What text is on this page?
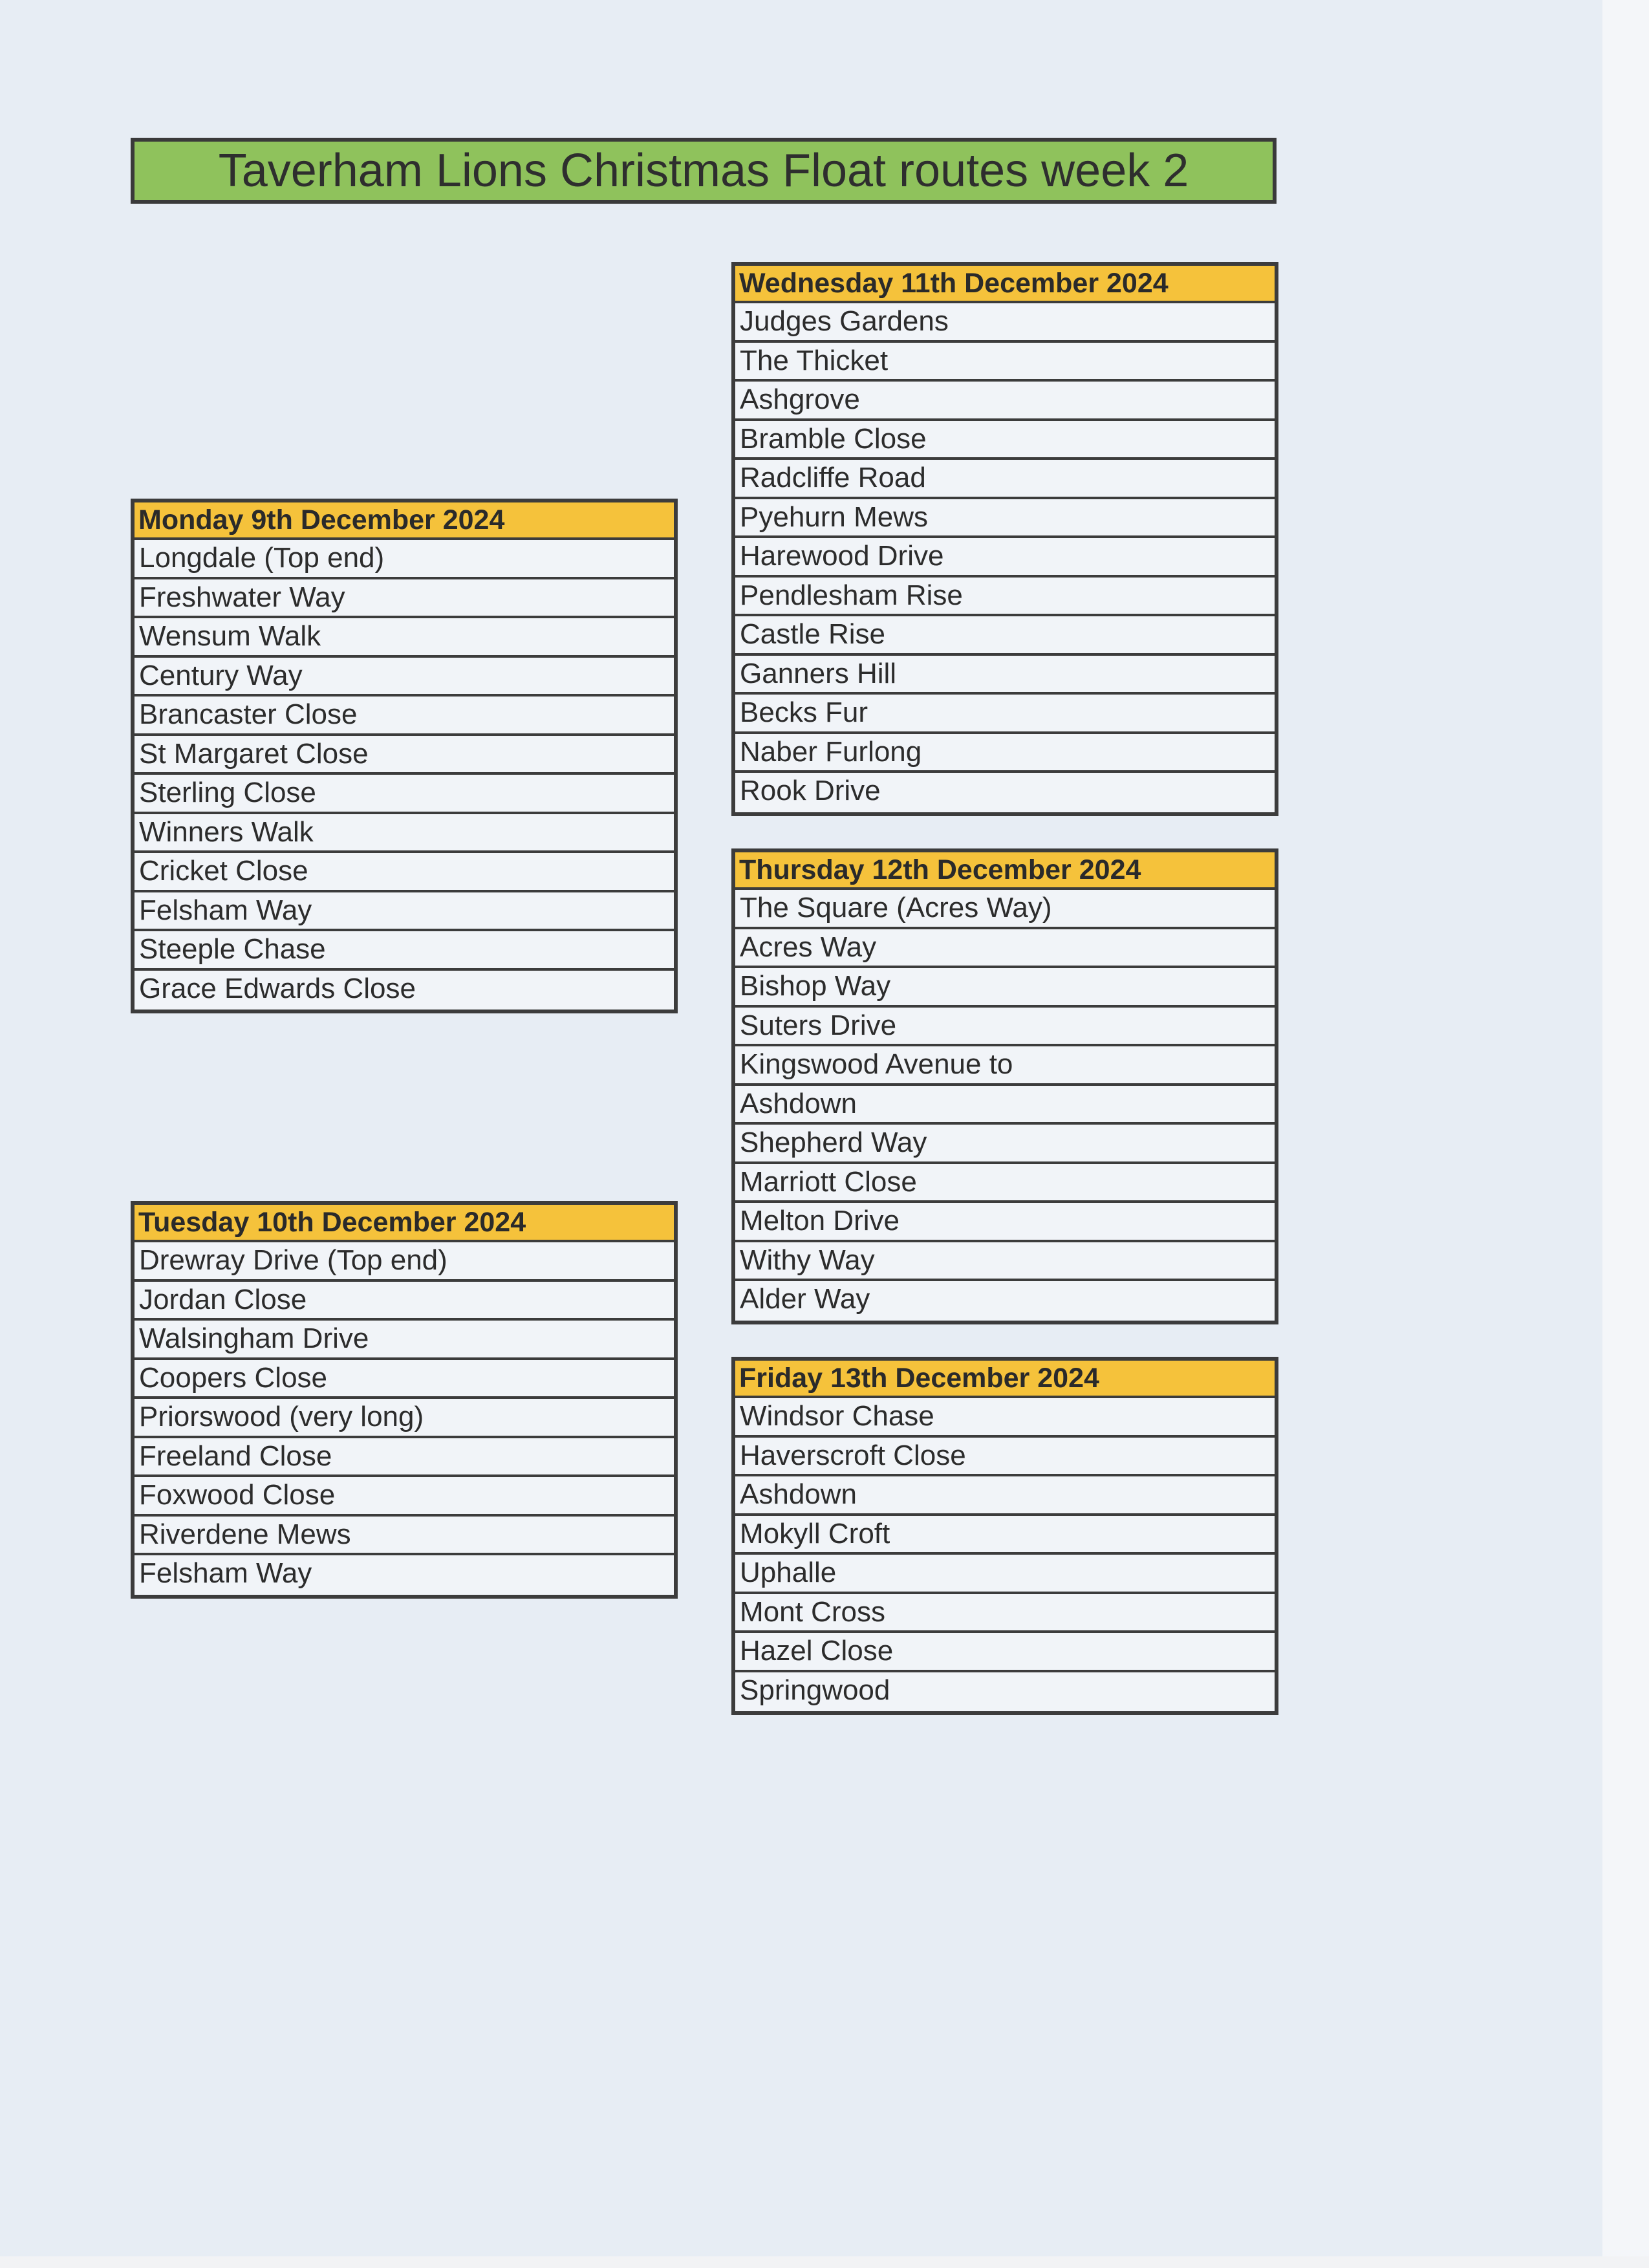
Taverham Lions Christmas Float routes week 2
Monday 9th December 2024
Longdale (Top end)
Freshwater Way
Wensum Walk
Century Way
Brancaster Close
St Margaret Close
Sterling Close
Winners Walk
Cricket Close
Felsham Way
Steeple Chase
Grace Edwards Close
Tuesday 10th December 2024
Drewray Drive (Top end)
Jordan Close
Walsingham Drive
Coopers Close
Priorswood (very long)
Freeland Close
Foxwood Close
Riverdene Mews
Felsham Way
Wednesday 11th December 2024
Judges Gardens
The Thicket
Ashgrove
Bramble Close
Radcliffe Road
Pyehurn Mews
Harewood Drive
Pendlesham Rise
Castle Rise
Ganners Hill
Becks Fur
Naber Furlong
Rook Drive
Thursday 12th December 2024
The Square (Acres Way)
Acres Way
Bishop Way
Suters Drive
Kingswood Avenue to
Ashdown
Shepherd Way
Marriott Close
Melton Drive
Withy Way
Alder Way
Friday 13th December 2024
Windsor Chase
Haverscroft Close
Ashdown
Mokyll Croft
Uphalle
Mont Cross
Hazel Close
Springwood
